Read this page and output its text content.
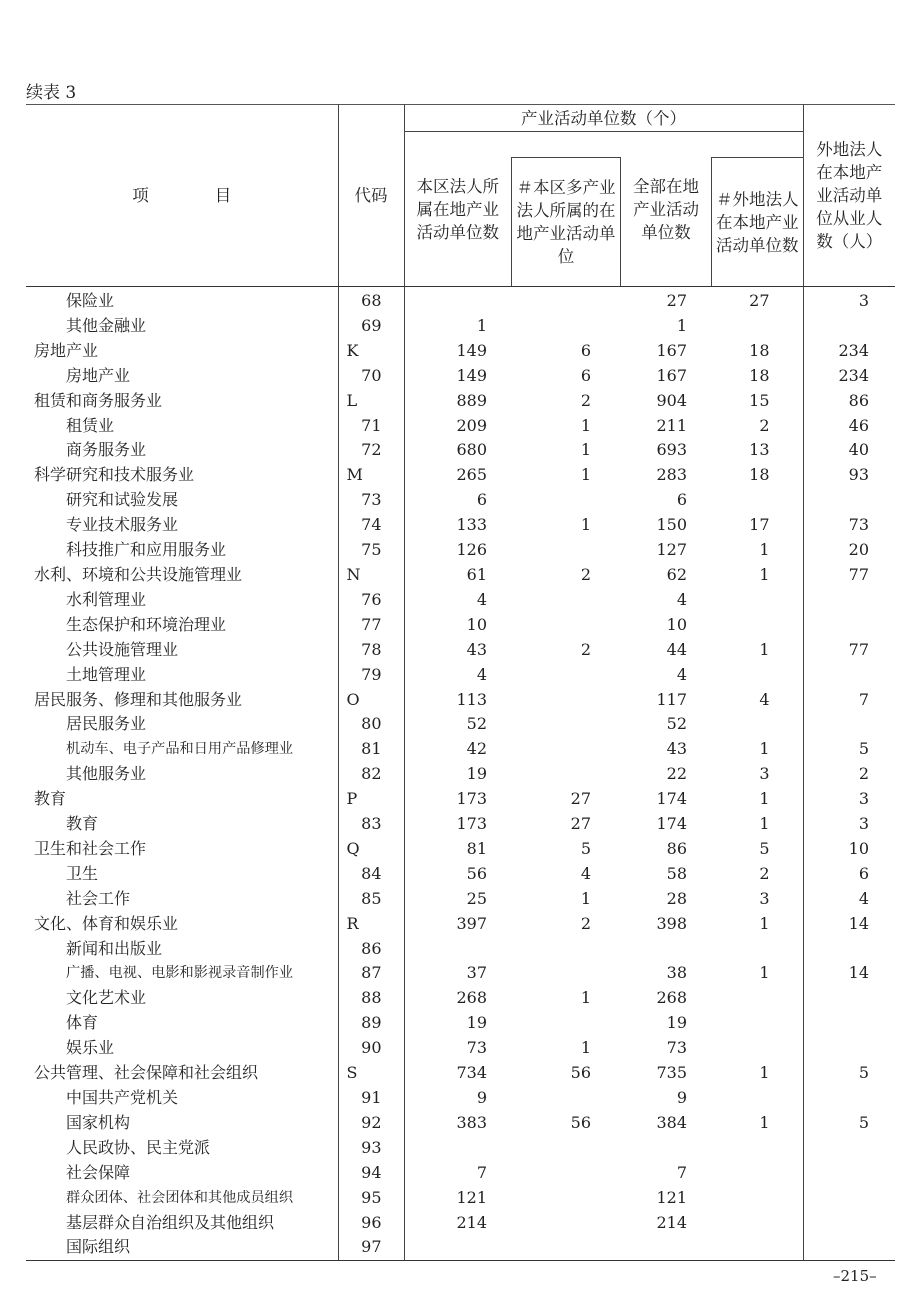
续表 3
项　　　　目	代码	产业活动单位数（个）				外地法人在本地产业活动单位从业人数（人）
		本区法人所属在地产业活动单位数	＃本区多产业法人所属的在地产业活动单位	全部在地产业活动单位数	＃外地法人在本地产业活动单位数	

保险业	68			27	27	3
其他金融业	69	1		1		
房地产业	K	149	6	167	18	234
房地产业	70	149	6	167	18	234
租赁和商务服务业	L	889	2	904	15	86
租赁业	71	209	1	211	2	46
商务服务业	72	680	1	693	13	40
科学研究和技术服务业	M	265	1	283	18	93
研究和试验发展	73	6		6		
专业技术服务业	74	133	1	150	17	73
科技推广和应用服务业	75	126		127	1	20
水利、环境和公共设施管理业	N	61	2	62	1	77
水利管理业	76	4		4		
生态保护和环境治理业	77	10		10		
公共设施管理业	78	43	2	44	1	77
土地管理业	79	4		4		
居民服务、修理和其他服务业	O	113		117	4	7
居民服务业	80	52		52		
机动车、电子产品和日用产品修理业	81	42		43	1	5
其他服务业	82	19		22	3	2
教育	P	173	27	174	1	3
教育	83	173	27	174	1	3
卫生和社会工作	Q	81	5	86	5	10
卫生	84	56	4	58	2	6
社会工作	85	25	1	28	3	4
文化、体育和娱乐业	R	397	2	398	1	14
新闻和出版业	86					
广播、电视、电影和影视录音制作业	87	37		38	1	14
文化艺术业	88	268	1	268		
体育	89	19		19		
娱乐业	90	73	1	73		
公共管理、社会保障和社会组织	S	734	56	735	1	5
中国共产党机关	91	9		9		
国家机构	92	383	56	384	1	5
人民政协、民主党派	93					
社会保障	94	7		7		
群众团体、社会团体和其他成员组织	95	121		121		
基层群众自治组织及其他组织	96	214		214		
国际组织	97					
–215–
